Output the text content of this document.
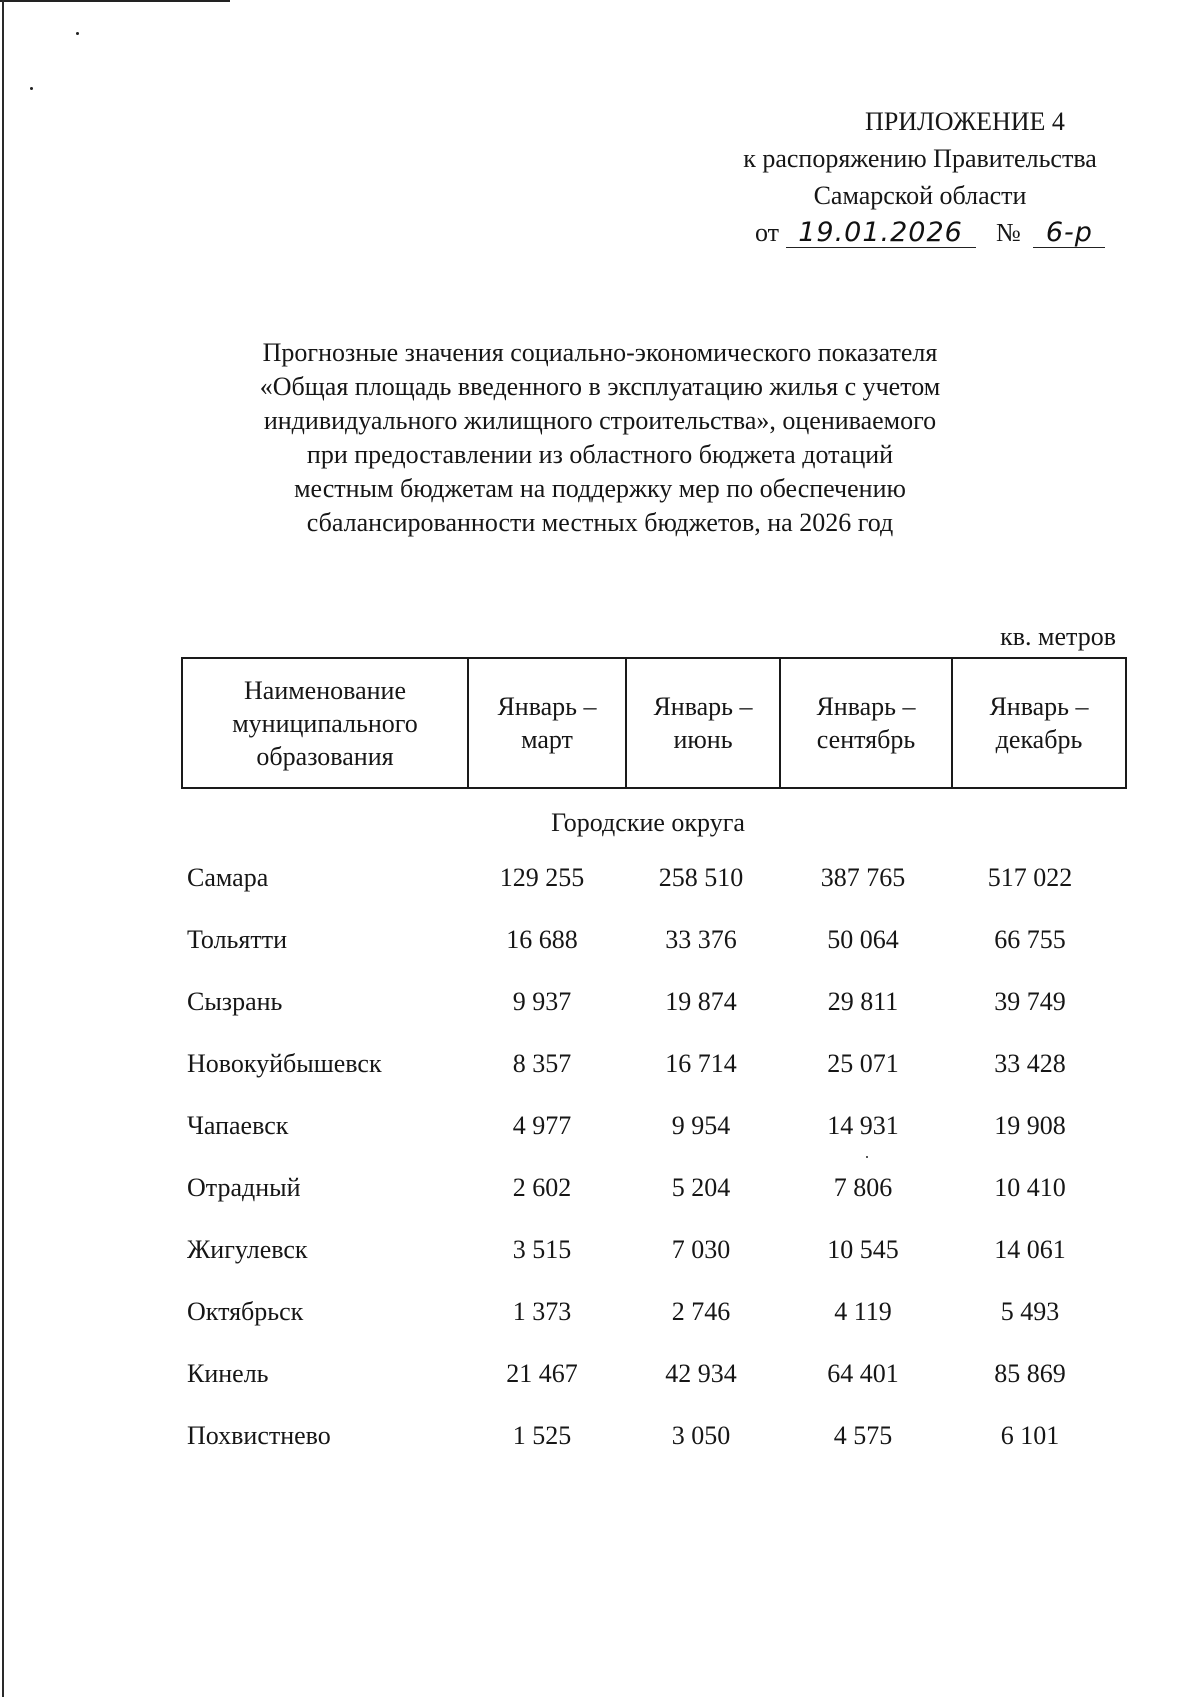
ПРИЛОЖЕНИЕ 4
к распоряжению Правительства
Самарской области
от 19.01.2026 № 6-р
Прогнозные значения социально-экономического показателя
«Общая площадь введенного в эксплуатацию жилья с учетом
индивидуального жилищного строительства», оцениваемого
при предоставлении из областного бюджета дотаций
местным бюджетам на поддержку мер по обеспечению
сбалансированности местных бюджетов, на 2026 год
кв. метров
Наименование
муниципального
образования

Январь –
март

Январь –
июнь

Январь –
сентябрь

Январь –
декабрь
Городские округа
Самара	129 255	258 510	387 765	517 022
Тольятти	16 688	33 376	50 064	66 755
Сызрань	9 937	19 874	29 811	39 749
Новокуйбышевск	8 357	16 714	25 071	33 428
Чапаевск	4 977	9 954	14 931	19 908
Отрадный	2 602	5 204	7 806	10 410
Жигулевск	3 515	7 030	10 545	14 061
Октябрьск	1 373	2 746	4 119	5 493
Кинель	21 467	42 934	64 401	85 869
Похвистнево	1 525	3 050	4 575	6 101
